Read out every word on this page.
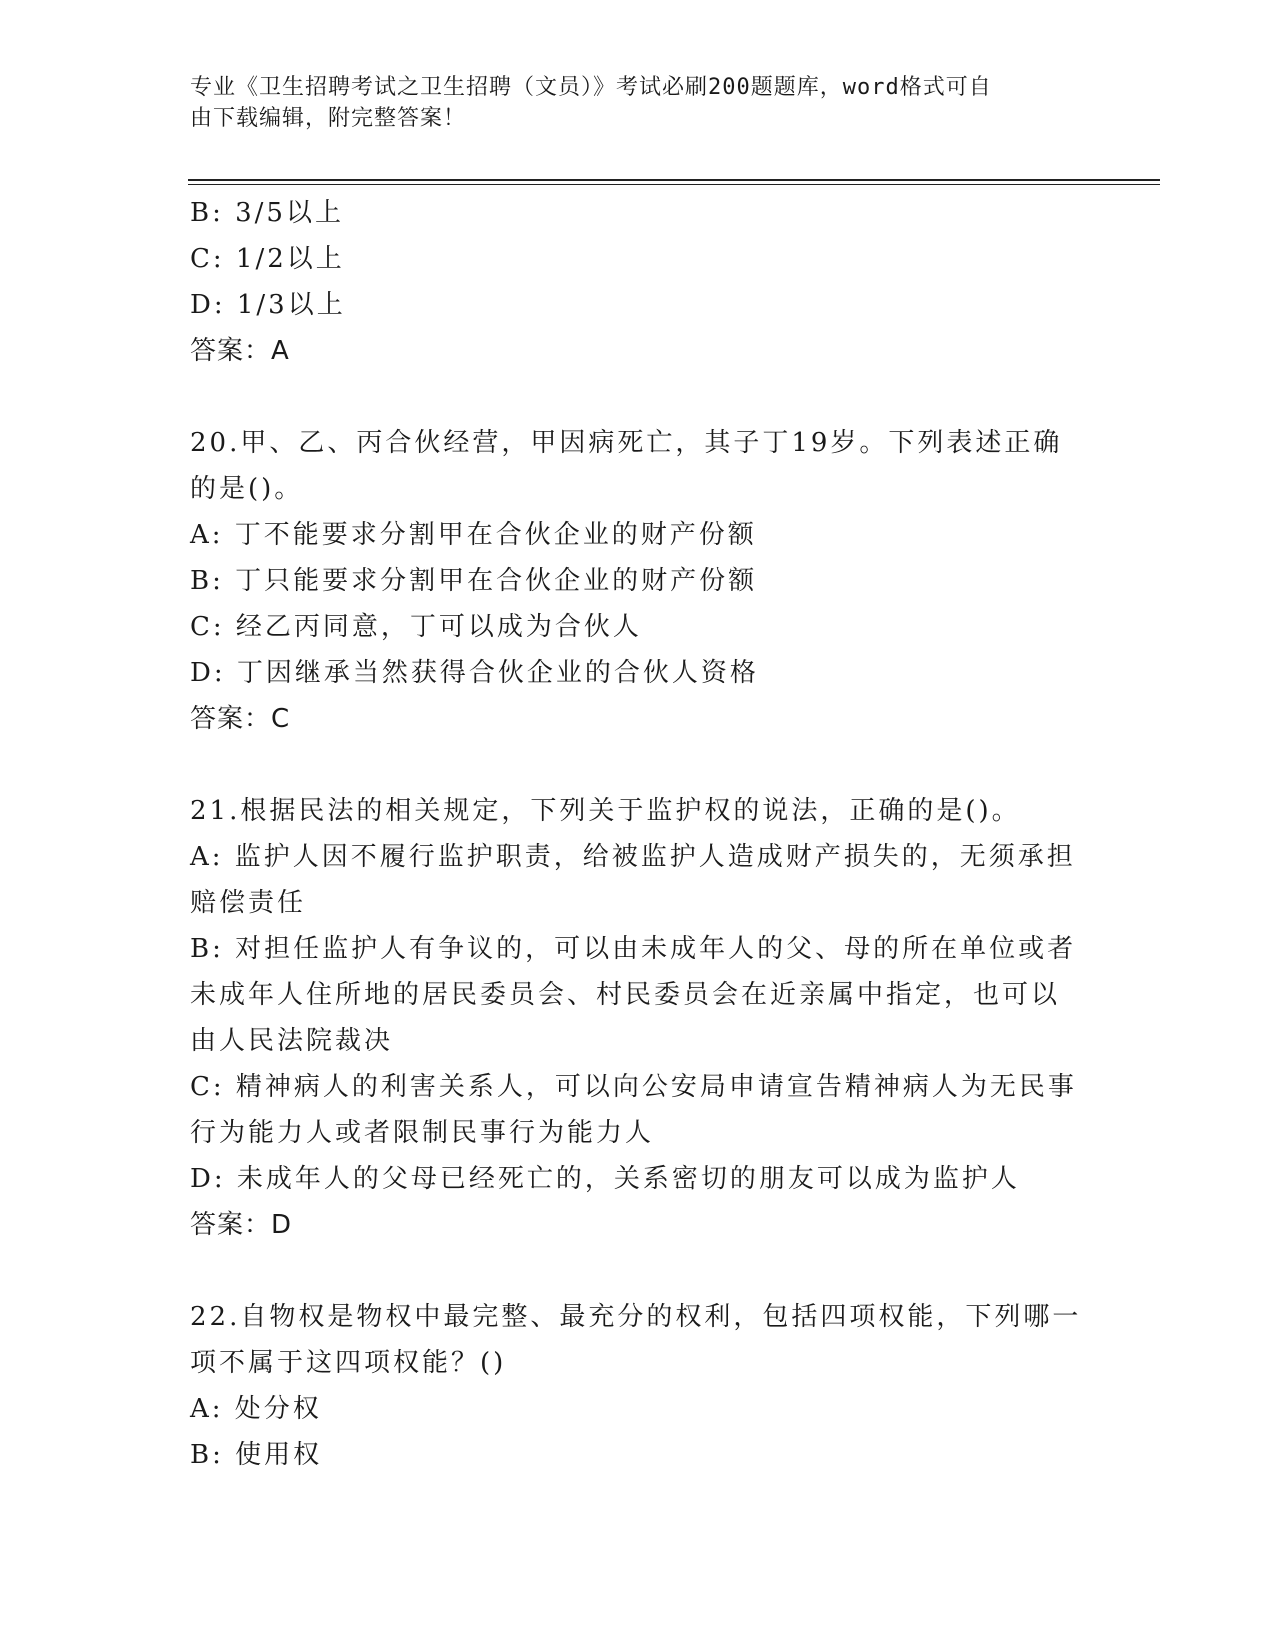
专业《卫生招聘考试之卫生招聘（文员）》考试必刷200题题库，word格式可自
由下载编辑，附完整答案！
B: 3/5以上
C: 1/2以上
D: 1/3以上
答案：A
20.甲、乙、丙合伙经营，甲因病死亡，其子丁19岁。下列表述正确
的是()。
A: 丁不能要求分割甲在合伙企业的财产份额
B: 丁只能要求分割甲在合伙企业的财产份额
C: 经乙丙同意，丁可以成为合伙人
D: 丁因继承当然获得合伙企业的合伙人资格
答案：C
21.根据民法的相关规定，下列关于监护权的说法，正确的是()。
A: 监护人因不履行监护职责，给被监护人造成财产损失的，无须承担
赔偿责任
B: 对担任监护人有争议的，可以由未成年人的父、母的所在单位或者
未成年人住所地的居民委员会、村民委员会在近亲属中指定，也可以
由人民法院裁决
C: 精神病人的利害关系人，可以向公安局申请宣告精神病人为无民事
行为能力人或者限制民事行为能力人
D: 未成年人的父母已经死亡的，关系密切的朋友可以成为监护人
答案：D
22.自物权是物权中最完整、最充分的权利，包括四项权能，下列哪一
项不属于这四项权能？()
A: 处分权
B: 使用权
